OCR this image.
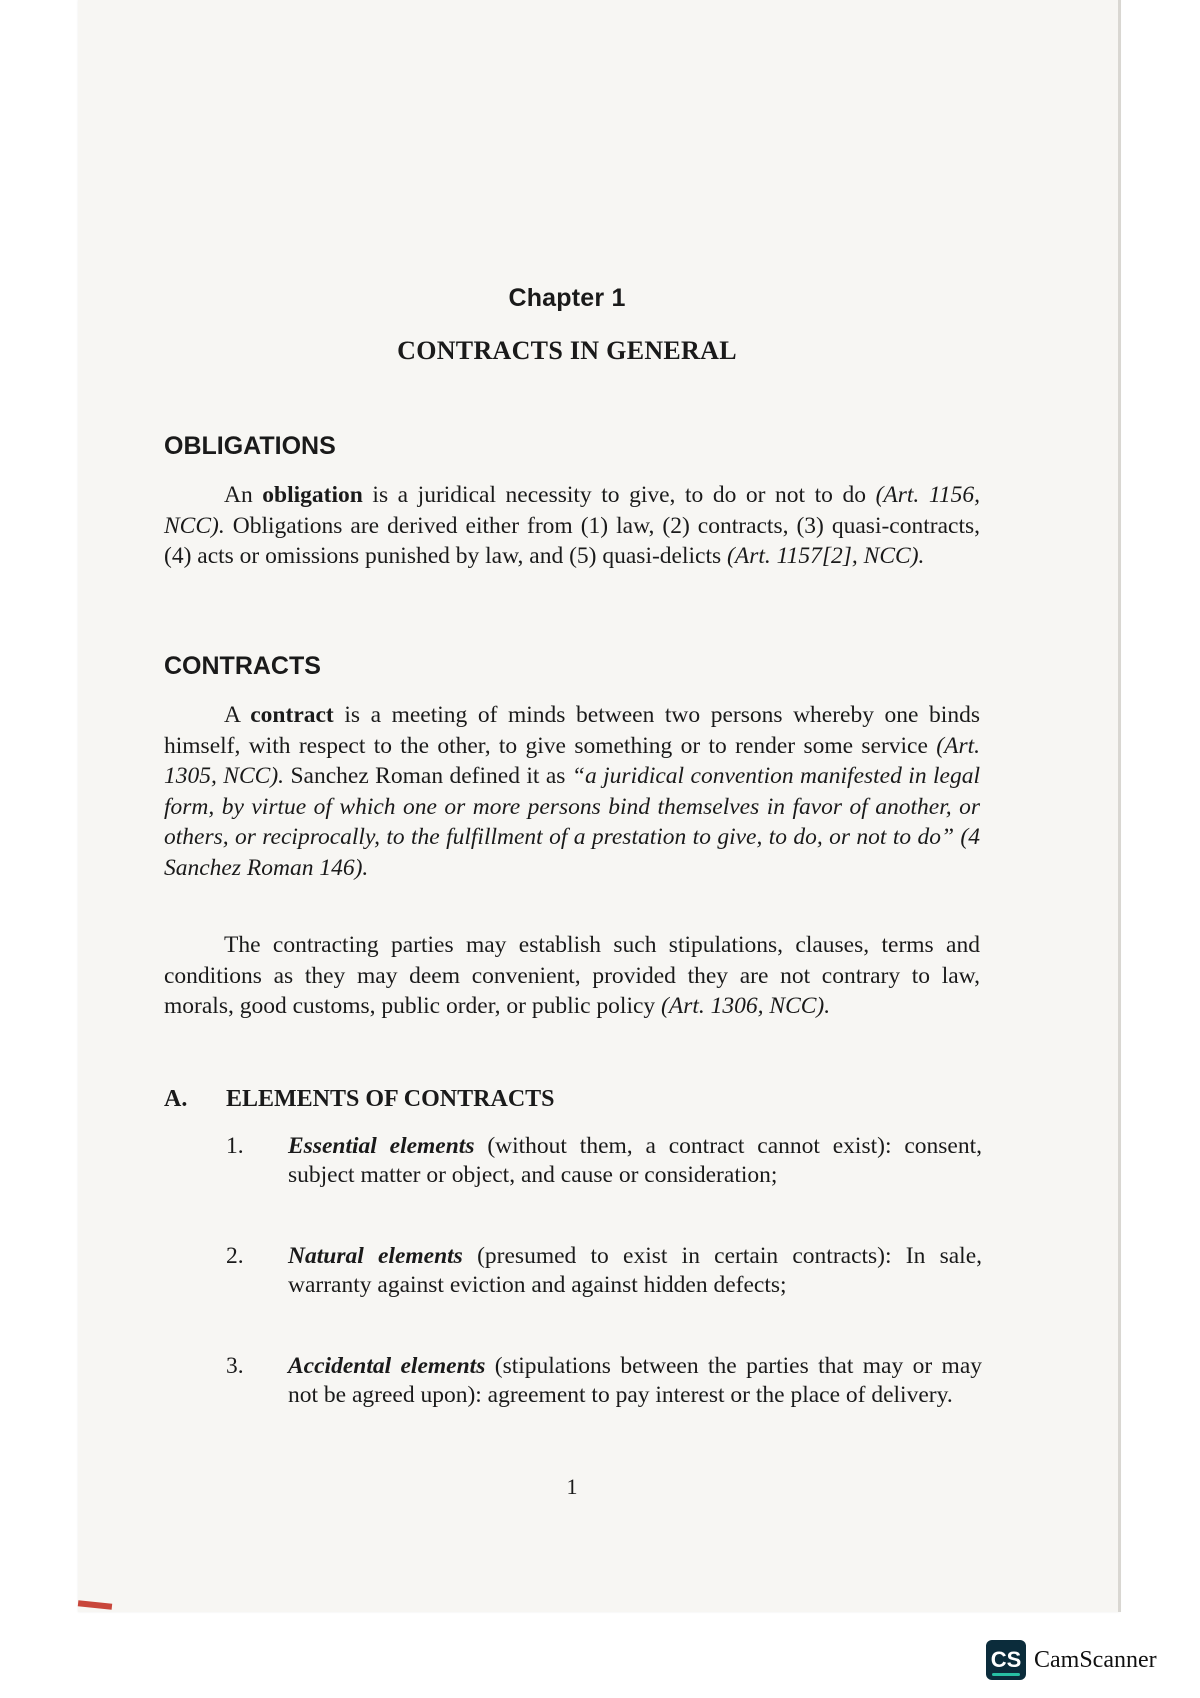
Chapter 1
CONTRACTS IN GENERAL
OBLIGATIONS

An obligation is a juridical necessity to give, to do or not to do (Art. 1156, NCC). Obligations are derived either from (1) law, (2) contracts, (3) quasi-contracts, (4) acts or omissions punished by law, and (5) quasi-delicts (Art. 1157[2], NCC).

CONTRACTS

A contract is a meeting of minds between two persons whereby one binds himself, with respect to the other, to give something or to render some service (Art. 1305, NCC). Sanchez Roman defined it as “a juridical convention manifested in legal form, by virtue of which one or more persons bind themselves in favor of another, or others, or reciprocally, to the fulfillment of a prestation to give, to do, or not to do” (4 Sanchez Roman 146).

The contracting parties may establish such stipulations, clauses, terms and conditions as they may deem convenient, provided they are not contrary to law, morals, good customs, public order, or public policy (Art. 1306, NCC).

A. ELEMENTS OF CONTRACTS
1. Essential elements (without them, a contract cannot exist): consent, subject matter or object, and cause or consideration;
2. Natural elements (presumed to exist in certain contracts): In sale, warranty against eviction and against hidden defects;
3. Accidental elements (stipulations between the parties that may or may not be agreed upon): agreement to pay interest or the place of delivery.
1
CS CamScanner
